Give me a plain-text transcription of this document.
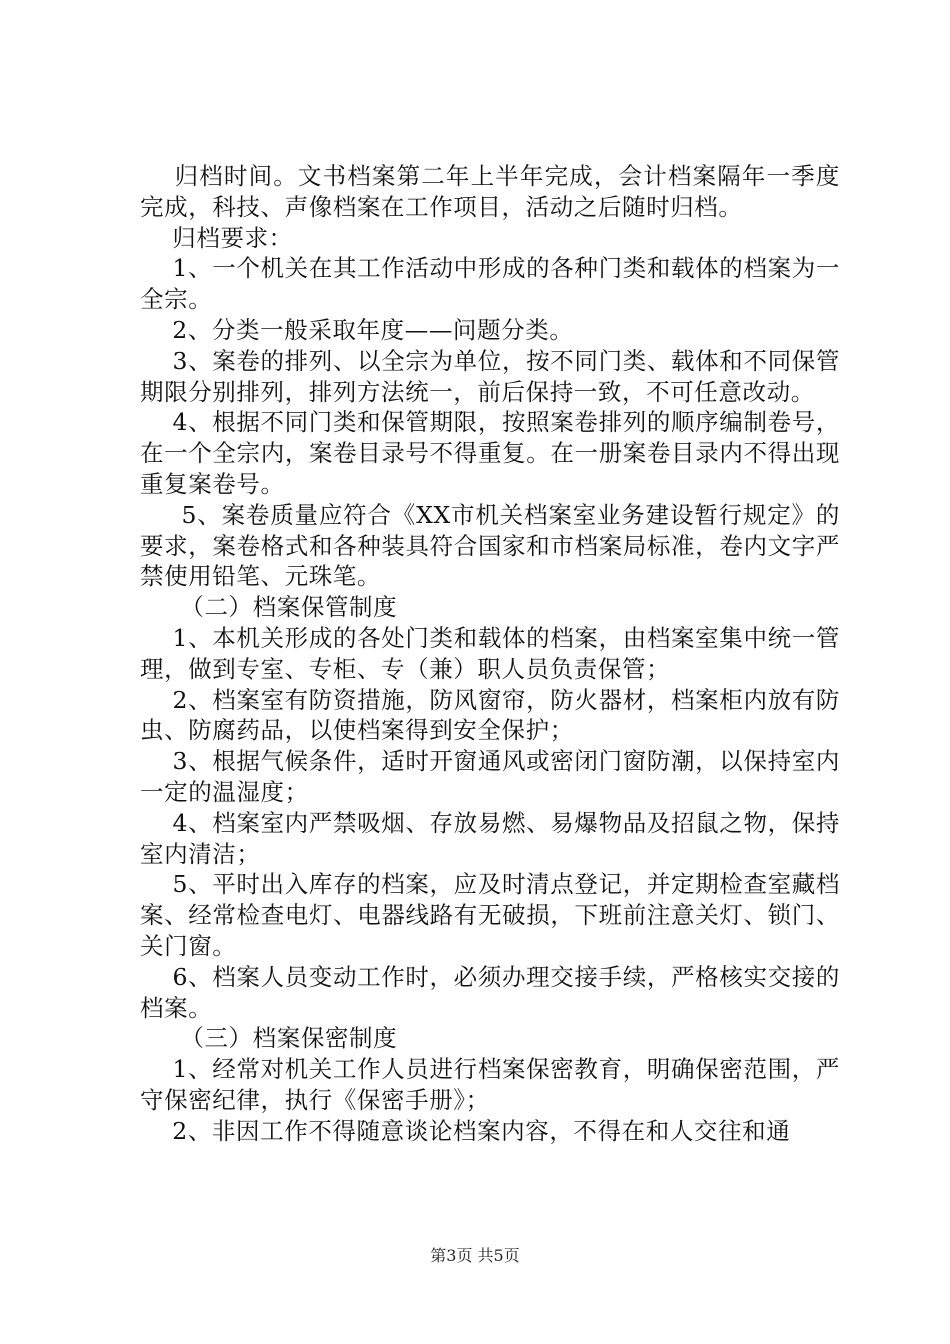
归档时间。文书档案第二年上半年完成，会计档案隔年一季度完成，科技、声像档案在工作项目，活动之后随时归档。

归档要求：

1、一个机关在其工作活动中形成的各种门类和载体的档案为一全宗。

2、分类一般采取年度——问题分类。

3、案卷的排列、以全宗为单位，按不同门类、载体和不同保管期限分别排列，排列方法统一，前后保持一致，不可任意改动。

4、根据不同门类和保管期限，按照案卷排列的顺序编制卷号，在一个全宗内，案卷目录号不得重复。在一册案卷目录内不得出现重复案卷号。

5、案卷质量应符合《XX市机关档案室业务建设暂行规定》的要求，案卷格式和各种装具符合国家和市档案局标准，卷内文字严禁使用铅笔、元珠笔。

（二）档案保管制度

1、本机关形成的各处门类和载体的档案，由档案室集中统一管理，做到专室、专柜、专（兼）职人员负责保管；

2、档案室有防资措施，防风窗帘，防火器材，档案柜内放有防虫、防腐药品，以使档案得到安全保护；

3、根据气候条件，适时开窗通风或密闭门窗防潮，以保持室内一定的温湿度；

4、档案室内严禁吸烟、存放易燃、易爆物品及招鼠之物，保持室内清洁；

5、平时出入库存的档案，应及时清点登记，并定期检查室藏档案、经常检查电灯、电器线路有无破损，下班前注意关灯、锁门、关门窗。

6、档案人员变动工作时，必须办理交接手续，严格核实交接的档案。

（三）档案保密制度

1、经常对机关工作人员进行档案保密教育，明确保密范围，严守保密纪律，执行《保密手册》；

2、非因工作不得随意谈论档案内容，不得在和人交往和通

第3页 共5页
